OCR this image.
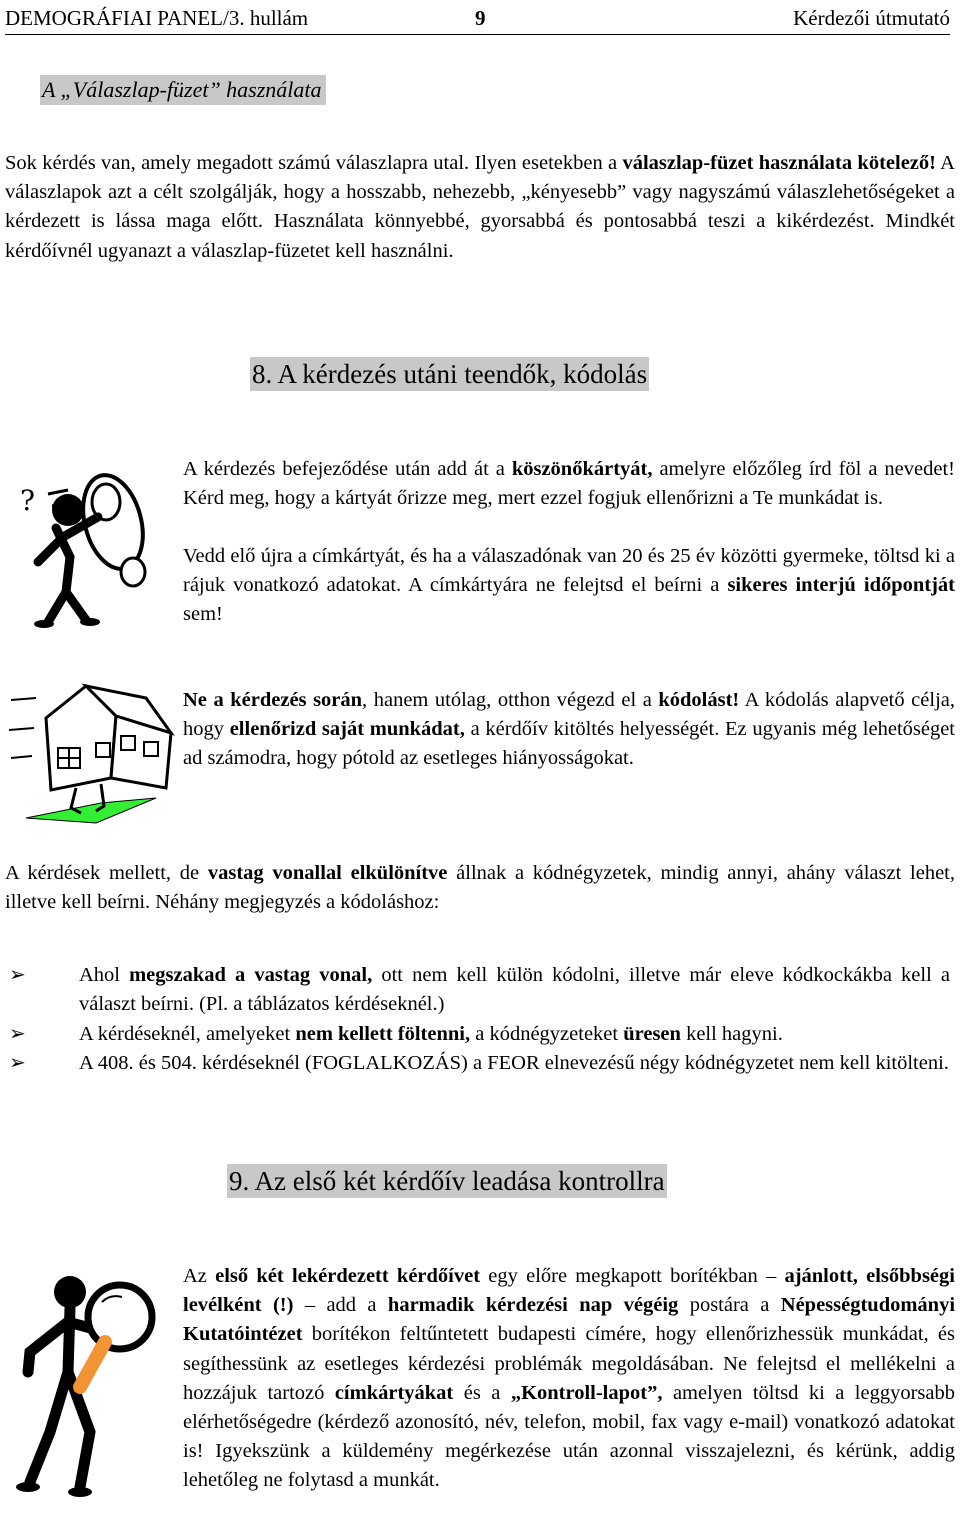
DEMOGRÁFIAI PANEL/3. hullám	9	Kérdezői útmutató
A „Válaszlap-füzet” használata
Sok kérdés van, amely megadott számú válaszlapra utal. Ilyen esetekben a válaszlap-füzet használata kötelező! A válaszlapok azt a célt szolgálják, hogy a hosszabb, nehezebb, „kényesebb” vagy nagyszámú válaszlehetőségeket a kérdezett is lássa maga előtt. Használata könnyebbé, gyorsabbá és pontosabbá teszi a kikérdezést. Mindkét kérdőívnél ugyanazt a válaszlap-füzetet kell használni.
8. A kérdezés utáni teendők, kódolás
?
A kérdezés befejeződése után add át a köszönőkártyát, amelyre előzőleg írd föl a nevedet! Kérd meg, hogy a kártyát őrizze meg, mert ezzel fogjuk ellenőrizni a Te munkádat is.
Vedd elő újra a címkártyát, és ha a válaszadónak van 20 és 25 év közötti gyermeke, töltsd ki a rájuk vonatkozó adatokat. A címkártyára ne felejtsd el beírni a sikeres interjú időpontját sem!
Ne a kérdezés során, hanem utólag, otthon végezd el a kódolást! A kódolás alapvető célja, hogy ellenőrizd saját munkádat, a kérdőív kitöltés helyességét. Ez ugyanis még lehetőséget ad számodra, hogy pótold az esetleges hiányosságokat.
A kérdések mellett, de vastag vonallal elkülönítve állnak a kódnégyzetek, mindig annyi, ahány választ lehet, illetve kell beírni. Néhány megjegyzés a kódoláshoz:
➢	Ahol megszakad a vastag vonal, ott nem kell külön kódolni, illetve már eleve kódkockákba kell a választ beírni. (Pl. a táblázatos kérdéseknél.)
➢	A kérdéseknél, amelyeket nem kellett föltenni, a kódnégyzeteket üresen kell hagyni.
➢	A 408. és 504. kérdéseknél (FOGLALKOZÁS) a FEOR elnevezésű négy kódnégyzetet nem kell kitölteni.
9. Az első két kérdőív leadása kontrollra
Az első két lekérdezett kérdőívet egy előre megkapott borítékban – ajánlott, elsőbbségi levélként (!) – add a harmadik kérdezési nap végéig postára a Népességtudományi Kutatóintézet borítékon feltűntetett budapesti címére, hogy ellenőrizhessük munkádat, és segíthessünk az esetleges kérdezési problémák megoldásában. Ne felejtsd el mellékelni a hozzájuk tartozó címkártyákat és a „Kontroll-lapot”, amelyen töltsd ki a leggyorsabb elérhetőségedre (kérdező azonosító, név, telefon, mobil, fax vagy e-mail) vonatkozó adatokat is! Igyekszünk a küldemény megérkezése után azonnal visszajelezni, és kérünk, addig lehetőleg ne folytasd a munkát.
